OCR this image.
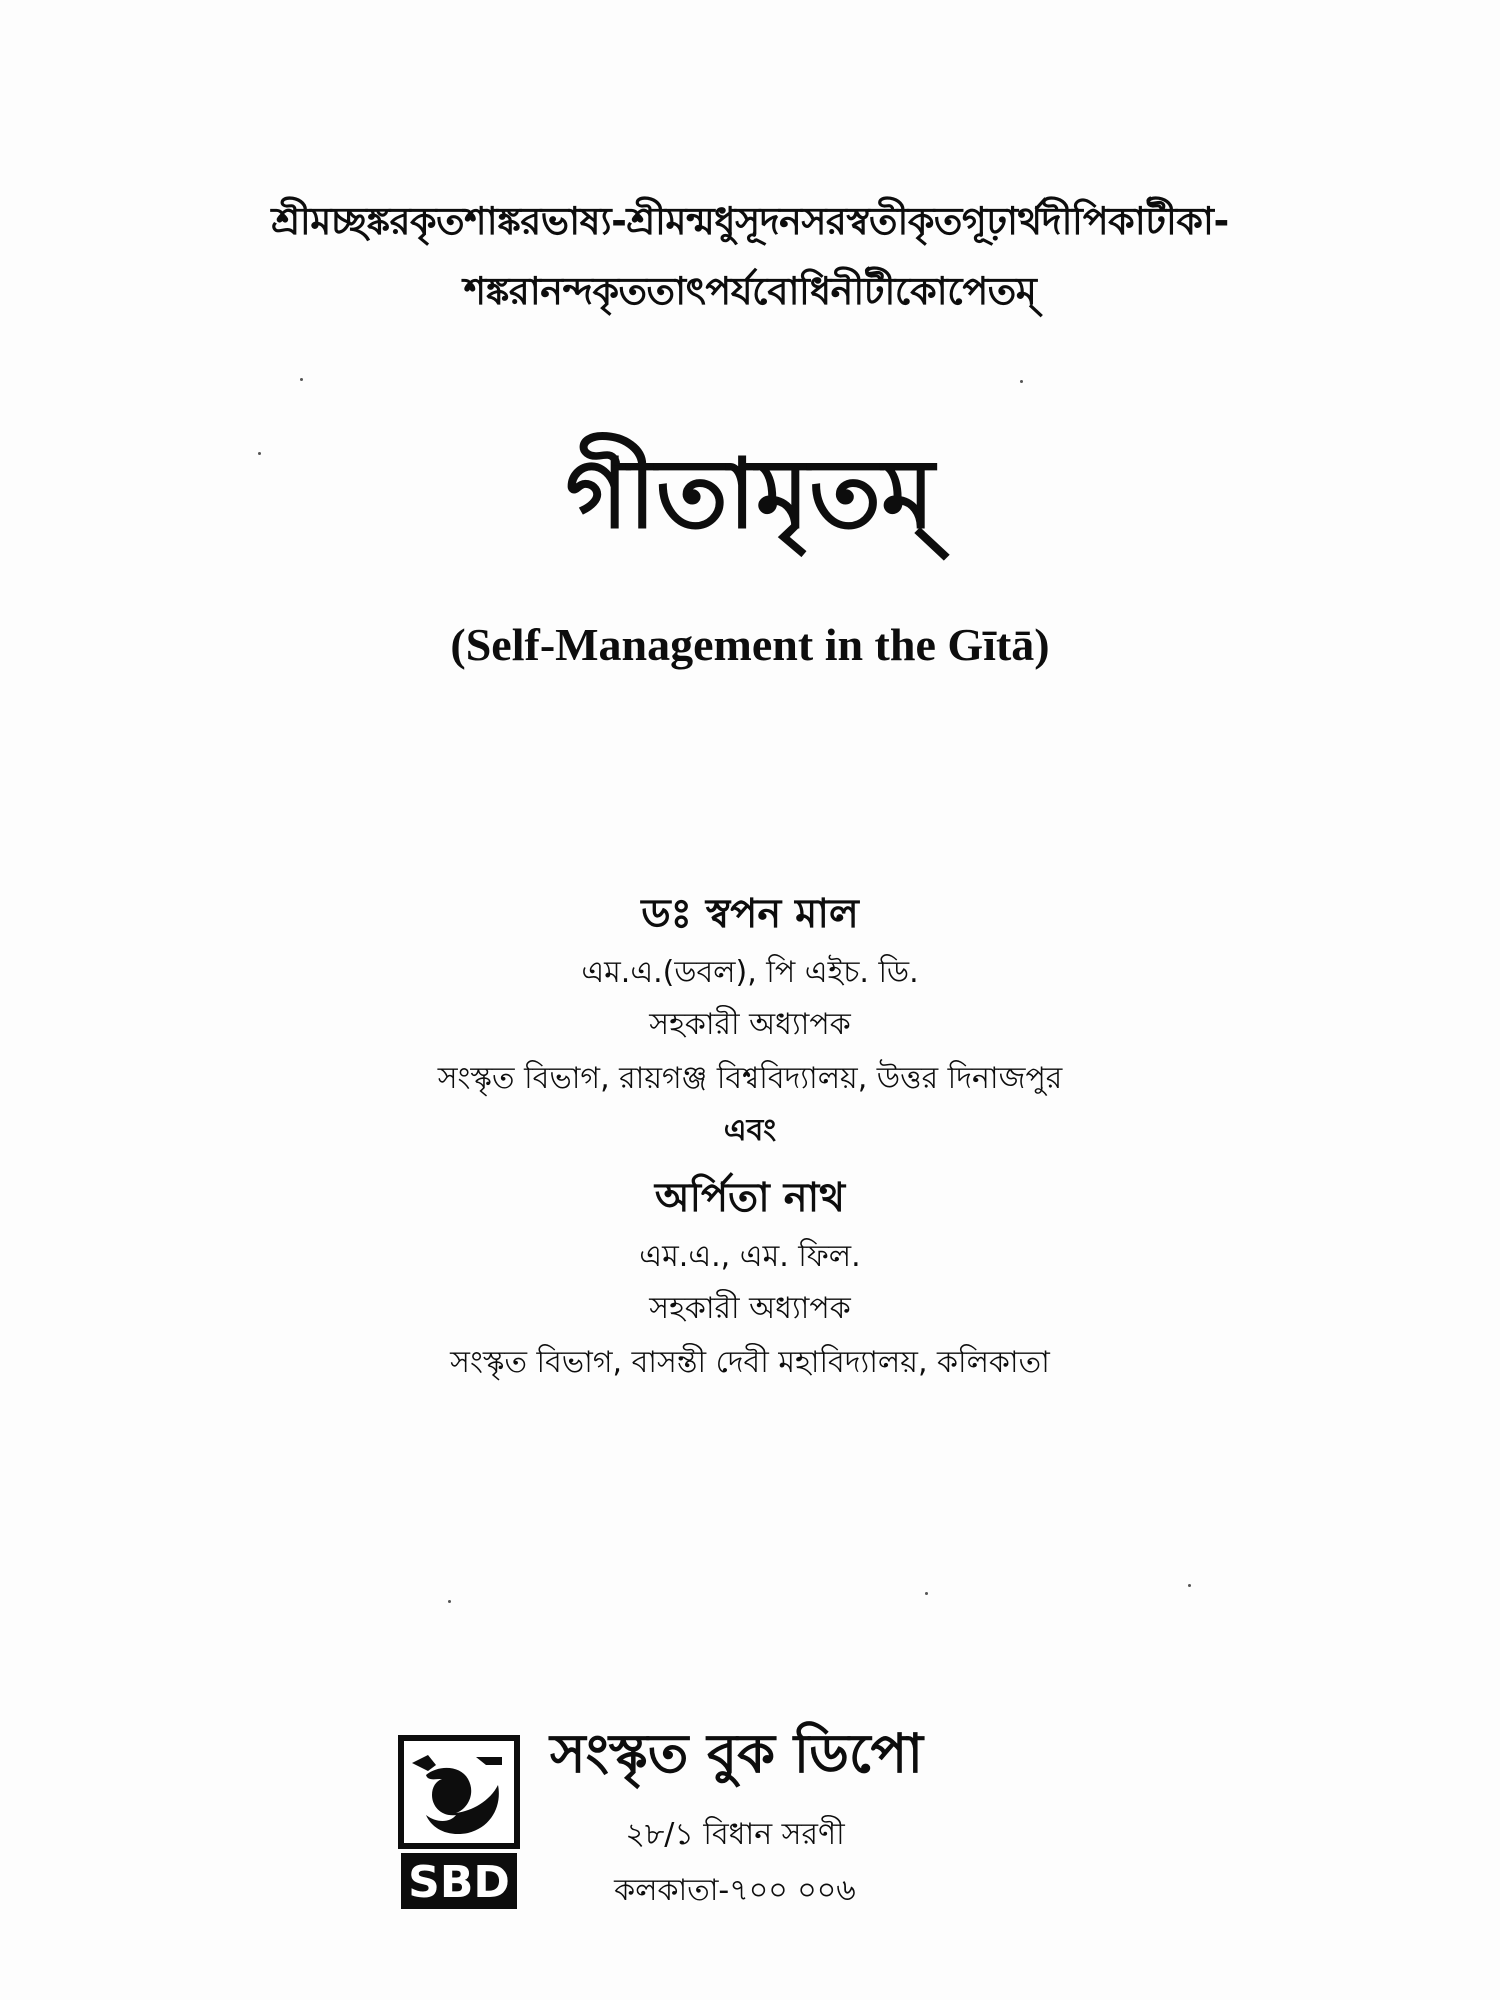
শ্রীমচ্ছঙ্করকৃতশাঙ্করভাষ্য-শ্রীমন্মধুসূদনসরস্বতীকৃতগূঢ়ার্থদীপিকাটীকা-
শঙ্করানন্দকৃততাৎপর্যবোধিনীটীকোপেতম্
গীতামৃতম্
(Self-Management in the Gītā)
ডঃ স্বপন মাল
এম.এ.(ডবল), পি এইচ. ডি.
সহকারী অধ্যাপক
সংস্কৃত বিভাগ, রায়গঞ্জ বিশ্ববিদ্যালয়, উত্তর দিনাজপুর
এবং
অর্পিতা নাথ
এম.এ., এম. ফিল.
সহকারী অধ্যাপক
সংস্কৃত বিভাগ, বাসন্তী দেবী মহাবিদ্যালয়, কলিকাতা
SBD
সংস্কৃত বুক ডিপো
২৮/১ বিধান সরণী
কলকাতা-৭০০ ০০৬
